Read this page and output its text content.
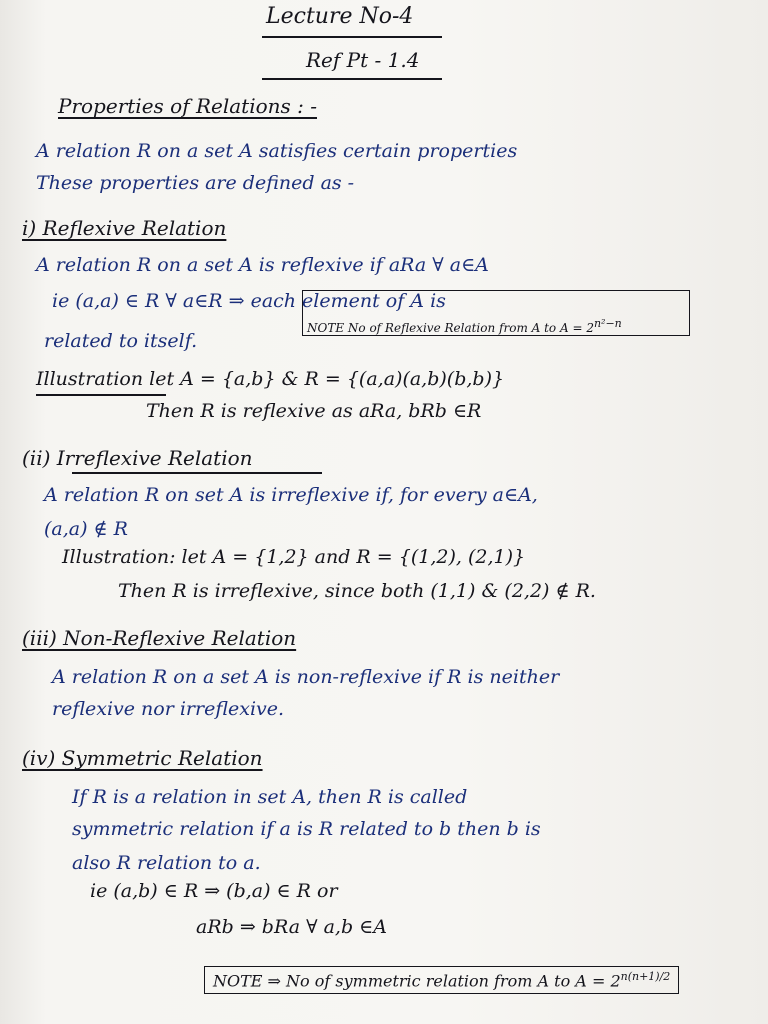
Lecture No-4
Ref Pt - 1.4
Properties of Relations : -
A relation R on a set A satisfies certain properties
These properties are defined as -
i) Reflexive Relation
A relation R on a set A is reflexive if aRa ∀ a∈A
ie (a,a) ∈ R ∀ a∈R ⇒ each element of A is
related to itself.
NOTE No of Reflexive Relation from A to $A = 2^{n^2-n}$
Illustration let A = {a,b} & R = {(a,a)(a,b)(b,b)}
Then R is reflexive as aRa, bRb ∈R
(ii) Irreflexive Relation
A relation R on set A is irreflexive if, for every a∈A,
(a,a) ∉ R
Illustration: let A = {1,2} and R = {(1,2), (2,1)}
Then R is irreflexive, since both (1,1) & (2,2) ∉ R.
(iii) Non-Reflexive Relation
A relation R on a set A is non-reflexive if R is neither
reflexive nor irreflexive.
(iv) Symmetric Relation
If R is a relation in set A, then R is called
symmetric relation if a is R related to b then b is
also R relation to a.
ie (a,b) ∈ R ⇒ (b,a) ∈ R or
aRb ⇒ bRa ∀ a,b ∈A
NOTE ⇒ No of symmetric relation from A to $A = 2^{n(n+1)/2}$
